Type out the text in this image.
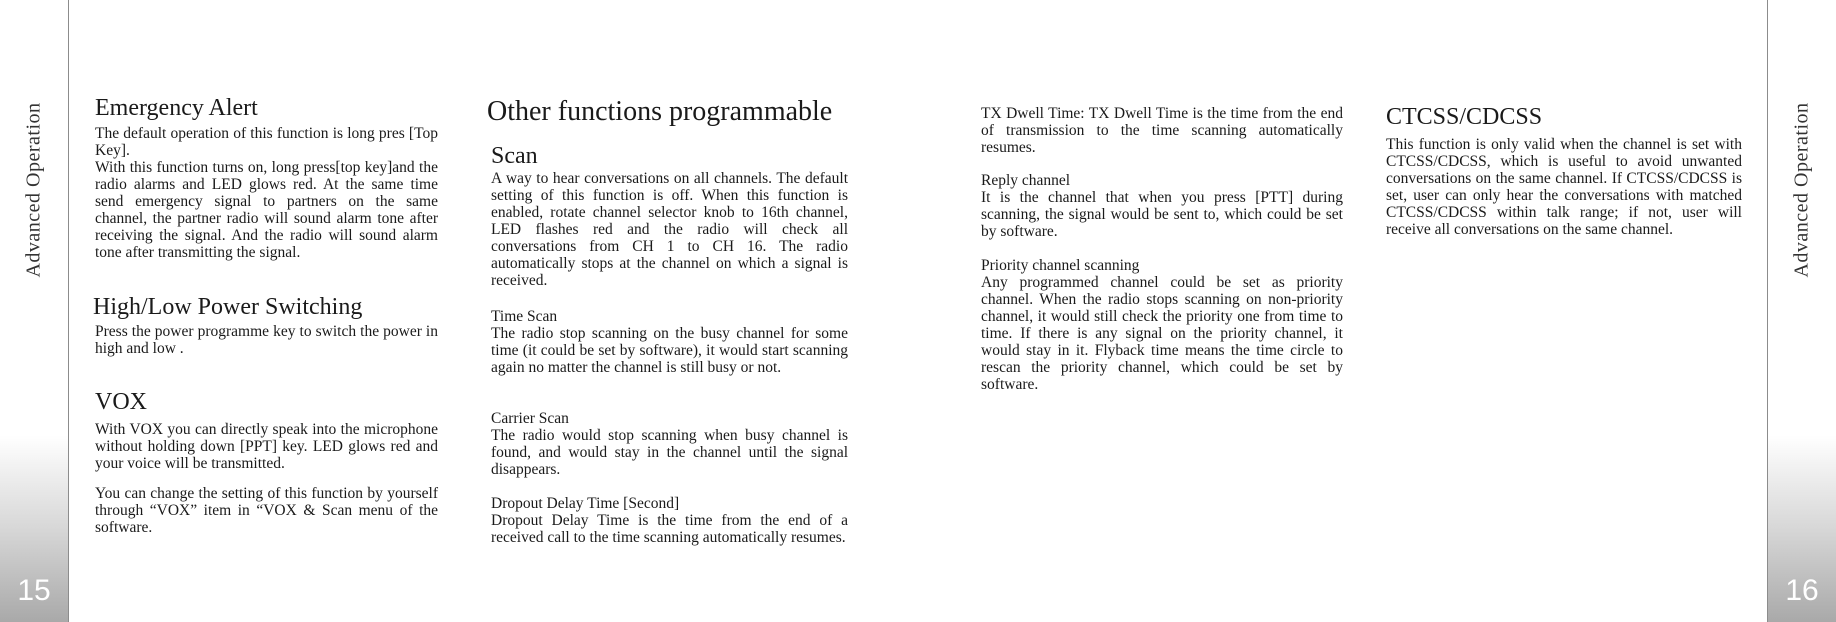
Advanced Operation
15
Advanced Operation
16
Emergency Alert

The default operation of this function is long pres [Top Key].

With this function turns on, long press[top key]and the radio alarms and LED glows red. At the same time send emergency signal to partners on the same channel, the partner radio will sound alarm tone after receiving the signal. And the radio will sound alarm tone after transmitting the signal.

High/Low Power Switching

Press the power programme key to switch the power in high and low .

VOX

With VOX you can directly speak into the microphone without holding down [PPT] key. LED glows red and your voice will be transmitted.

You can change the setting of this function by yourself through “VOX” item in “VOX & Scan menu of the software.

Other functions programmable
Scan

A way to hear conversations on all channels. The default setting of this function is off. When this function is enabled, rotate channel selector knob to 16th channel, LED flashes red and the radio will check all conversations from CH 1 to CH 16. The radio automatically stops at the channel on which a signal is received.

Time Scan

The radio stop scanning on the busy channel for some time (it could be set by software), it would start scanning again no matter the channel is still busy or not.

Carrier Scan

The radio would stop scanning when busy channel is found, and would stay in the channel until the signal disappears.

Dropout Delay Time [Second]

Dropout Delay Time is the time from the end of a received call to the time scanning automatically resumes.

TX Dwell Time: TX Dwell Time is the time from the end of transmission to the time scanning automatically resumes.

Reply channel

It is the channel that when you press [PTT] during scanning, the signal would be sent to, which could be set by software.

Priority channel scanning

Any programmed channel could be set as priority channel. When the radio stops scanning on non-priority channel, it would still check the priority one from time to time. If there is any signal on the priority channel, it would stay in it. Flyback time means the time circle to rescan the priority channel, which could be set by software.

CTCSS/CDCSS

This function is only valid when the channel is set with CTCSS/CDCSS, which is useful to avoid unwanted conversations on the same channel. If CTCSS/CDCSS is set, user can only hear the conversations with matched CTCSS/CDCSS within talk range; if not, user will receive all conversations on the same channel.
